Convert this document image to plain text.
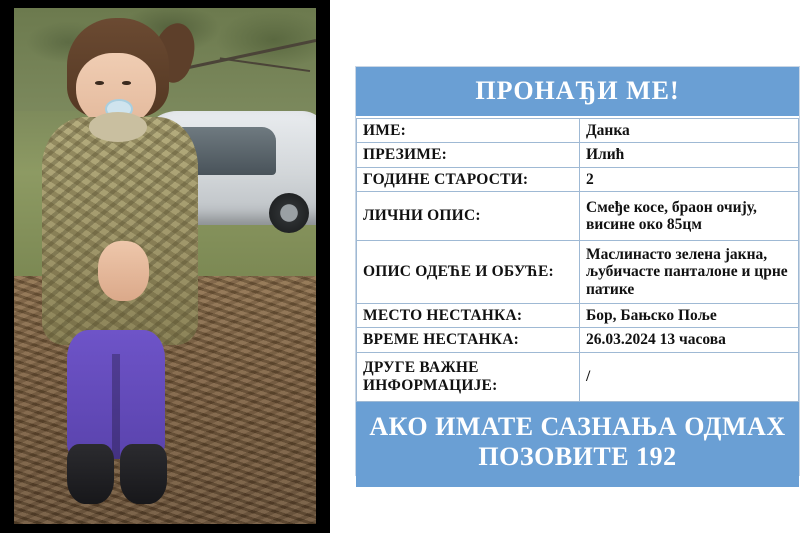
ПРОНАЂИ МЕ!
ИМЕ:	Данка
ПРЕЗИМЕ:	Илић
ГОДИНЕ СТАРОСТИ:	2
ЛИЧНИ ОПИС:	Смеђе косе, браон очију, висине око 85цм
ОПИС ОДЕЋЕ И ОБУЋЕ:	Маслинасто зелена јакна, љубичасте панталоне и црне патике
МЕСТО НЕСТАНКА:	Бор, Бањско Поље
ВРЕМЕ НЕСТАНКА:	26.03.2024 13 часова
ДРУГЕ ВАЖНЕ ИНФОРМАЦИЈЕ:	/
АКО ИМАТЕ САЗНАЊА ОДМАХ
ПОЗОВИТЕ 192
